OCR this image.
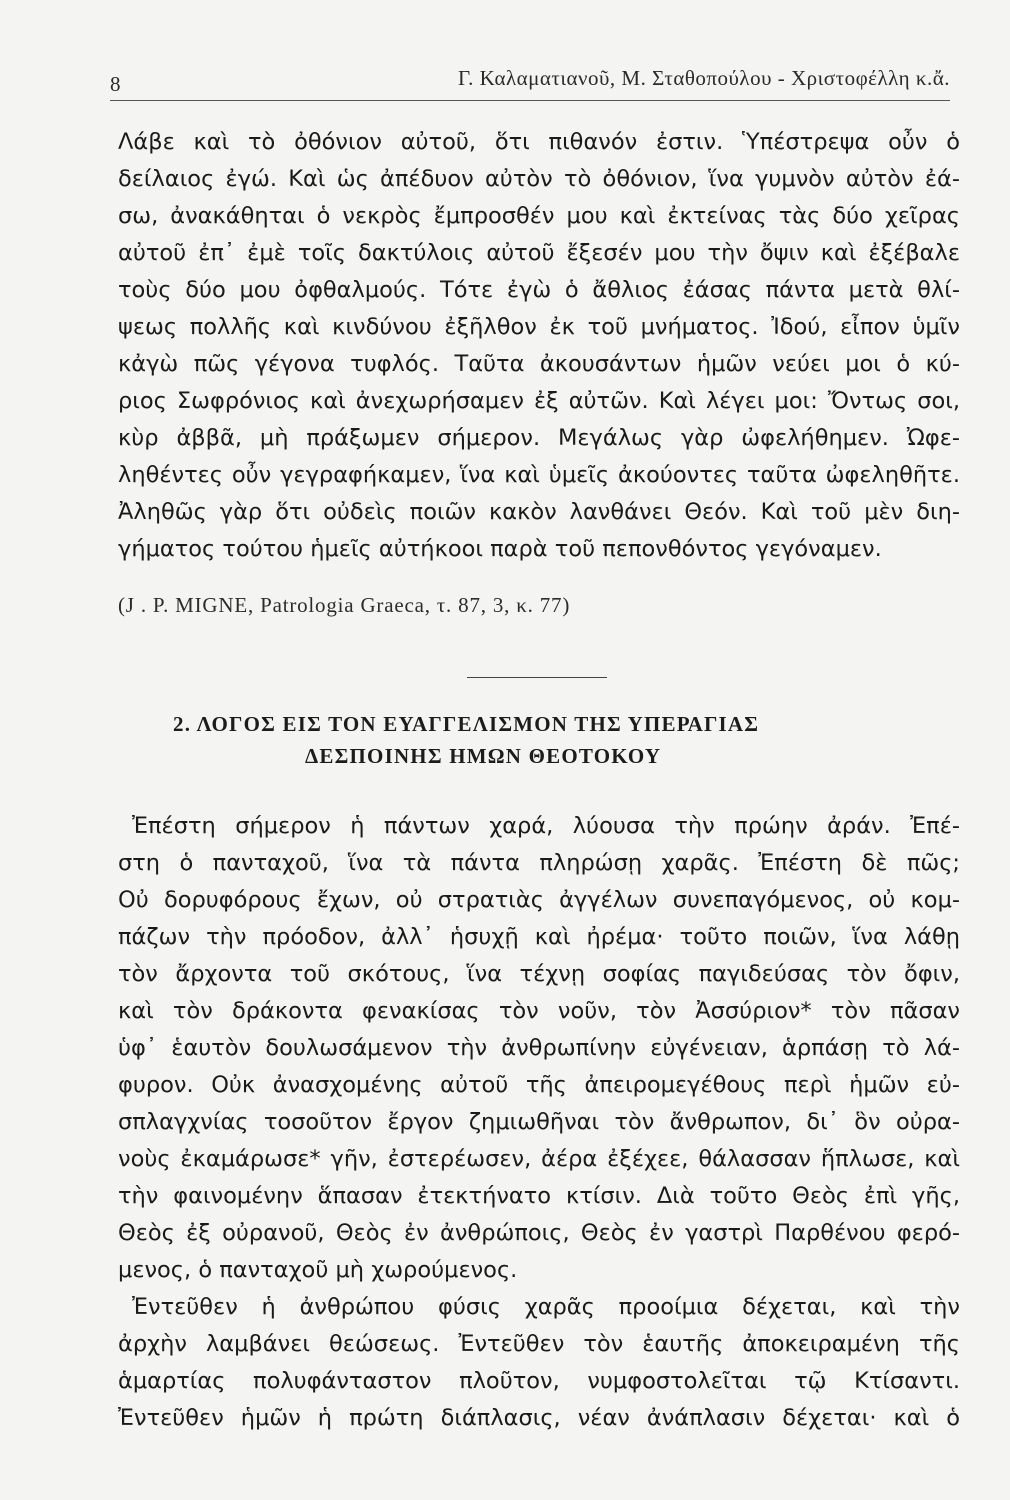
8	Γ. Καλαματιανοῦ, Μ. Σταθοπούλου - Χριστοφέλλη κ.ἄ.
Λάβε καὶ τὸ ὀθόνιον αὐτοῦ, ὅτι πιθανόν ἐστιν. Ὑπέστρεψα οὖν ὁ
δείλαιος ἐγώ. Καὶ ὡς ἀπέδυον αὐτὸν τὸ ὀθόνιον, ἵνα γυμνὸν αὐτὸν ἐά-
σω, ἀνακάθηται ὁ νεκρὸς ἔμπροσθέν μου καὶ ἐκτείνας τὰς δύο χεῖρας
αὐτοῦ ἐπ᾿ ἐμὲ τοῖς δακτύλοις αὐτοῦ ἔξεσέν μου τὴν ὄψιν καὶ ἐξέβαλε
τοὺς δύο μου ὀφθαλμούς. Τότε ἐγὼ ὁ ἄθλιος ἐάσας πάντα μετὰ θλί-
ψεως πολλῆς καὶ κινδύνου ἐξῆλθον ἐκ τοῦ μνήματος. Ἰδού, εἶπον ὑμῖν
κἀγὼ πῶς γέγονα τυφλός. Ταῦτα ἀκουσάντων ἡμῶν νεύει μοι ὁ κύ-
ριος Σωφρόνιος καὶ ἀνεχωρήσαμεν ἐξ αὐτῶν. Καὶ λέγει μοι: Ὄντως σοι,
κὺρ ἀββᾶ, μὴ πράξωμεν σήμερον. Μεγάλως γὰρ ὠφελήθημεν. Ὠφε-
ληθέντες οὖν γεγραφήκαμεν, ἵνα καὶ ὑμεῖς ἀκούοντες ταῦτα ὠφεληθῆτε.
Ἀληθῶς γὰρ ὅτι οὐδεὶς ποιῶν κακὸν λανθάνει Θεόν. Καὶ τοῦ μὲν διη-
γήματος τούτου ἡμεῖς αὐτήκοοι παρὰ τοῦ πεπονθόντος γεγόναμεν.
(J . P. MIGNE, Patrologia Graeca, τ. 87, 3, κ. 77)
2. ΛΟΓΟΣ ΕΙΣ ΤΟΝ ΕΥΑΓΓΕΛΙΣΜΟΝ ΤΗΣ ΥΠΕΡΑΓΙΑΣ
ΔΕΣΠΟΙΝΗΣ ΗΜΩΝ ΘΕΟΤΟΚΟΥ
Ἐπέστη σήμερον ἡ πάντων χαρά, λύουσα τὴν πρώην ἀράν. Ἐπέ-
στη ὁ πανταχοῦ, ἵνα τὰ πάντα πληρώσῃ χαρᾶς. Ἐπέστη δὲ πῶς;
Οὐ δορυφόρους ἔχων, οὐ στρατιὰς ἀγγέλων συνεπαγόμενος, οὐ κομ-
πάζων τὴν πρόοδον, ἀλλ᾿ ἡσυχῇ καὶ ἠρέμα· τοῦτο ποιῶν, ἵνα λάθῃ
τὸν ἄρχοντα τοῦ σκότους, ἵνα τέχνῃ σοφίας παγιδεύσας τὸν ὄφιν,
καὶ τὸν δράκοντα φενακίσας τὸν νοῦν, τὸν Ἀσσύριον* τὸν πᾶσαν
ὑφ᾿ ἑαυτὸν δουλωσάμενον τὴν ἀνθρωπίνην εὐγένειαν, ἁρπάσῃ τὸ λά-
φυρον. Οὐκ ἀνασχομένης αὐτοῦ τῆς ἀπειρομεγέθους περὶ ἡμῶν εὐ-
σπλαγχνίας τοσοῦτον ἔργον ζημιωθῆναι τὸν ἄνθρωπον, δι᾿ ὃν οὐρα-
νοὺς ἐκαμάρωσε* γῆν, ἐστερέωσεν, ἀέρα ἐξέχεε, θάλασσαν ἥπλωσε, καὶ
τὴν φαινομένην ἅπασαν ἐτεκτήνατο κτίσιν. Διὰ τοῦτο Θεὸς ἐπὶ γῆς,
Θεὸς ἐξ οὐρανοῦ, Θεὸς ἐν ἀνθρώποις, Θεὸς ἐν γαστρὶ Παρθένου φερό-
μενος, ὁ πανταχοῦ μὴ χωρούμενος.
Ἐντεῦθεν ἡ ἀνθρώπου φύσις χαρᾶς προοίμια δέχεται, καὶ τὴν
ἀρχὴν λαμβάνει θεώσεως. Ἐντεῦθεν τὸν ἑαυτῆς ἀποκειραμένη τῆς
ἁμαρτίας πολυφάνταστον πλοῦτον, νυμφοστολεῖται τῷ Κτίσαντι.
Ἐντεῦθεν ἡμῶν ἡ πρώτη διάπλασις, νέαν ἀνάπλασιν δέχεται· καὶ ὁ
